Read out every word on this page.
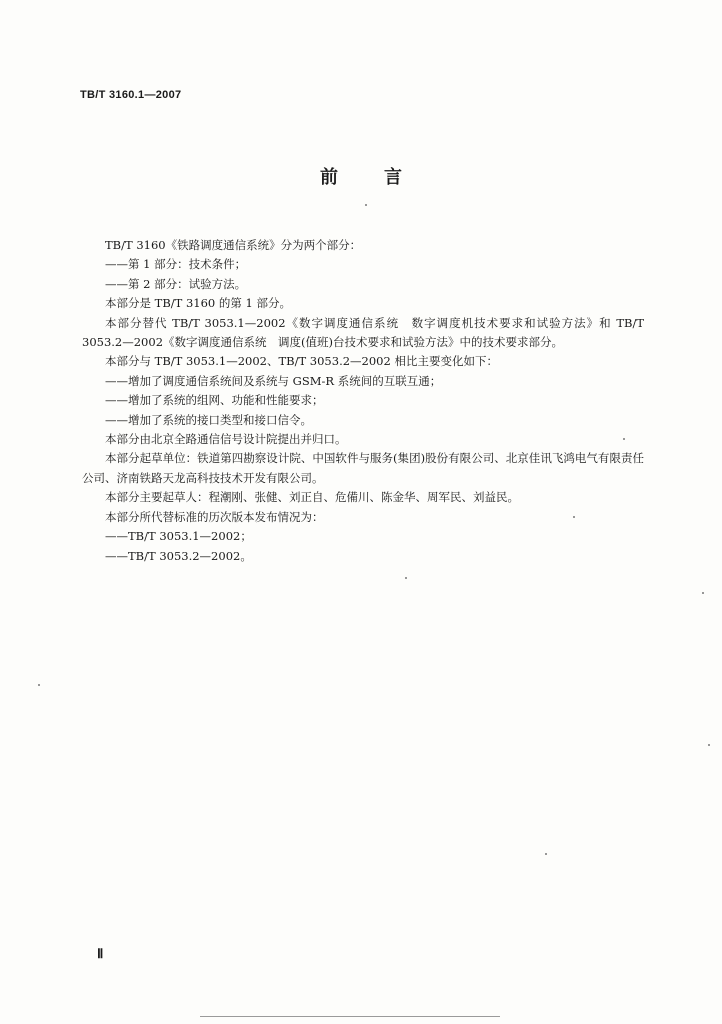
TB/T 3160.1—2007
前	言

TB/T 3160《铁路调度通信系统》分为两个部分：

——第 1 部分：技术条件；

——第 2 部分：试验方法。

本部分是 TB/T 3160 的第 1 部分。

本部分替代 TB/T 3053.1—2002《数字调度通信系统　数字调度机技术要求和试验方法》和 TB/T 3053.2—2002《数字调度通信系统　调度(值班)台技术要求和试验方法》中的技术要求部分。

本部分与 TB/T 3053.1—2002、TB/T 3053.2—2002 相比主要变化如下：

——增加了调度通信系统间及系统与 GSM-R 系统间的互联互通；

——增加了系统的组网、功能和性能要求；

——增加了系统的接口类型和接口信令。

本部分由北京全路通信信号设计院提出并归口。

本部分起草单位：铁道第四勘察设计院、中国软件与服务(集团)股份有限公司、北京佳讯飞鸿电气有限责任公司、济南铁路天龙高科技技术开发有限公司。

本部分主要起草人：程潮刚、张健、刘正自、危備川、陈金华、周军民、刘益民。

本部分所代替标准的历次版本发布情况为：

——TB/T 3053.1—2002；

——TB/T 3053.2—2002。

Ⅱ
